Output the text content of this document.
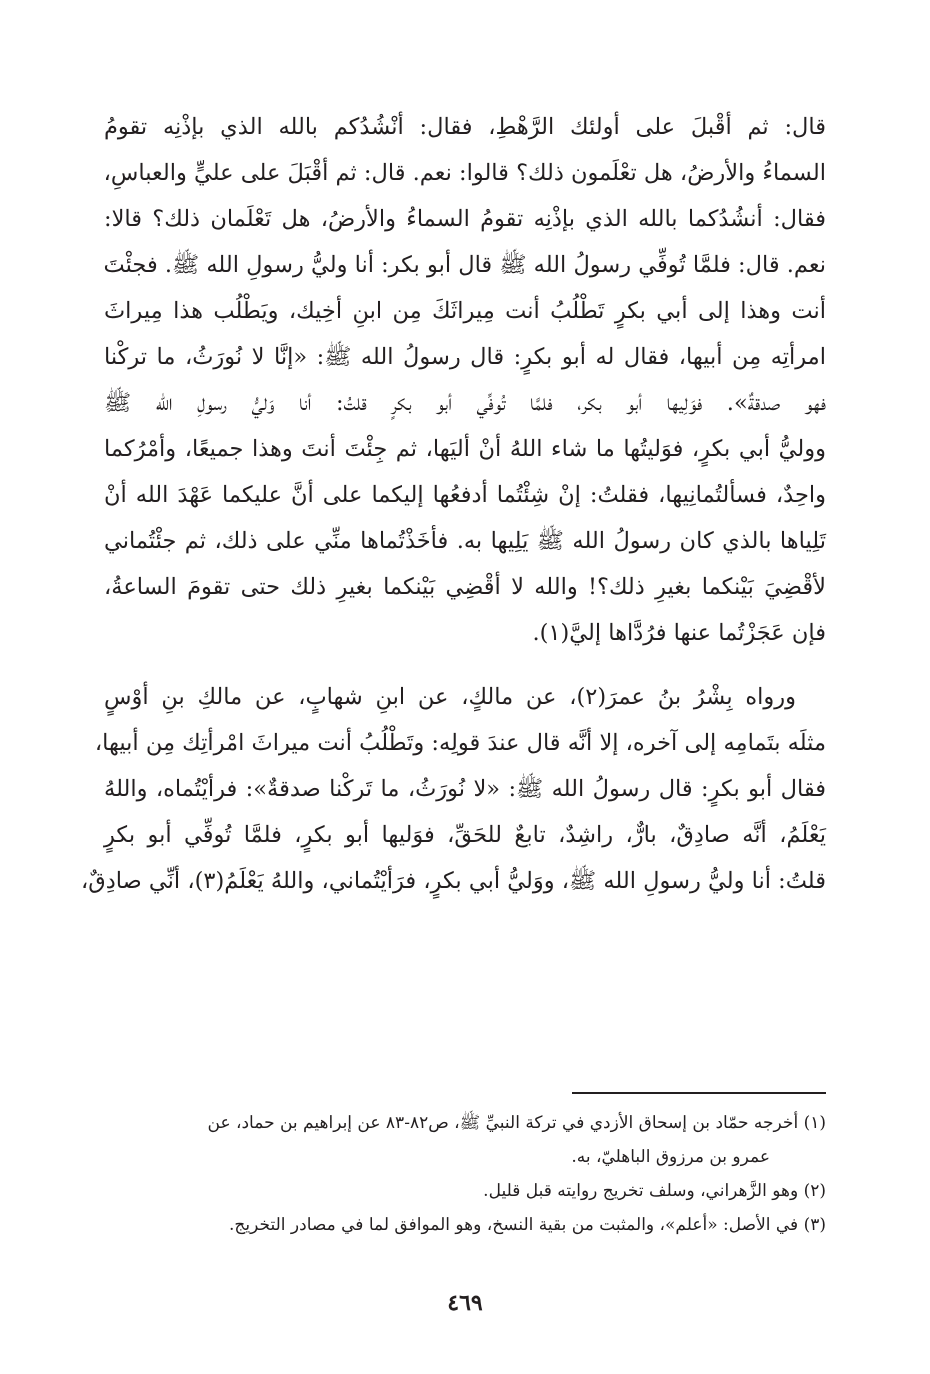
قال: ثم أقْبلَ على أولئك الرَّهْطِ، فقال: أنْشُدُكم بالله الذي بإذْنِه تقومُ
السماءُ والأرضُ، هل تعْلَمون ذلك؟ قالوا: نعم. قال: ثم أقْبَلَ على عليٍّ والعباسِ،
فقال: أنشُدُكما بالله الذي بإذْنِه تقومُ السماءُ والأرضُ، هل تَعْلَمان ذلك؟ قالا:
نعم. قال: فلمَّا تُوفِّي رسولُ الله ﷺ قال أبو بكر: أنا وليُّ رسولِ الله ﷺ. فجئْتَ
أنت وهذا إلى أبي بكرٍ تَطْلُبُ أنت مِيراثَكَ مِن ابنِ أخِيك، ويَطْلُب هذا مِيراثَ
امرأتِه مِن أبيها، فقال له أبو بكرٍ: قال رسولُ الله ﷺ: «إنَّا لا نُورَثُ، ما تركْنا
فهو صدقةٌ». فوَلِيها أبو بكر، فلمَّا تُوفِّي أبو بكرٍ قلتُ: أنا وَليُّ رسولِ الله ﷺ
ووليُّ أبي بكرٍ، فوَليتُها ما شاء اللهُ أنْ أليَها، ثم جِئْتَ أنتَ وهذا جميعًا، وأمْرُكما
واحِدٌ، فسألتُمانِيها، فقلتُ: إنْ شِئْتُما أدفعُها إليكما على أنَّ عليكما عَهْدَ الله أنْ
تَلِياها بالذي كان رسولُ الله ﷺ يَلِيها به. فأخَذْتُماها منِّي على ذلك، ثم جئْتُماني
لأقْضِيَ بَيْنكما بغيرِ ذلك؟! والله لا أقْضِي بَيْنكما بغيرِ ذلك حتى تقومَ الساعةُ،
فإن عَجَزْتُما عنها فرُدَّاها إليَّ(١).
ورواه بِشْرُ بنُ عمرَ(٢)، عن مالكٍ، عن ابنِ شهابٍ، عن مالكِ بنِ أوْسٍ
مثلَه بتَمامِه إلى آخره، إلا أنَّه قال عندَ قولِه: وتَطْلُبُ أنت ميراثَ امْرأتِك مِن أبيها،
فقال أبو بكرٍ: قال رسولُ الله ﷺ: «لا نُورَثُ، ما تَركْنا صدقةٌ»: فرأيْتُماه، واللهُ
يَعْلَمُ، أنَّه صادِقٌ، بارٌّ، راشِدٌ، تابعٌ للحَقِّ، فوَليها أبو بكرٍ، فلمَّا تُوفِّي أبو بكرٍ
قلتُ: أنا وليُّ رسولِ الله ﷺ، ووَليُّ أبي بكرٍ، فرَأيْتُماني، واللهُ يَعْلَمُ(٣)، أنِّي صادِقٌ،
(١) أخرجه حمّاد بن إسحاق الأزدي في تركة النبيِّ ﷺ، ص٨٢-٨٣ عن إبراهيم بن حماد، عن
عمرو بن مرزوق الباهليّ، به.
(٢) وهو الزَّهراني، وسلف تخريج روايته قبل قليل.
(٣) في الأصل: «أعلم»، والمثبت من بقية النسخ، وهو الموافق لما في مصادر التخريج.
٤٦٩
